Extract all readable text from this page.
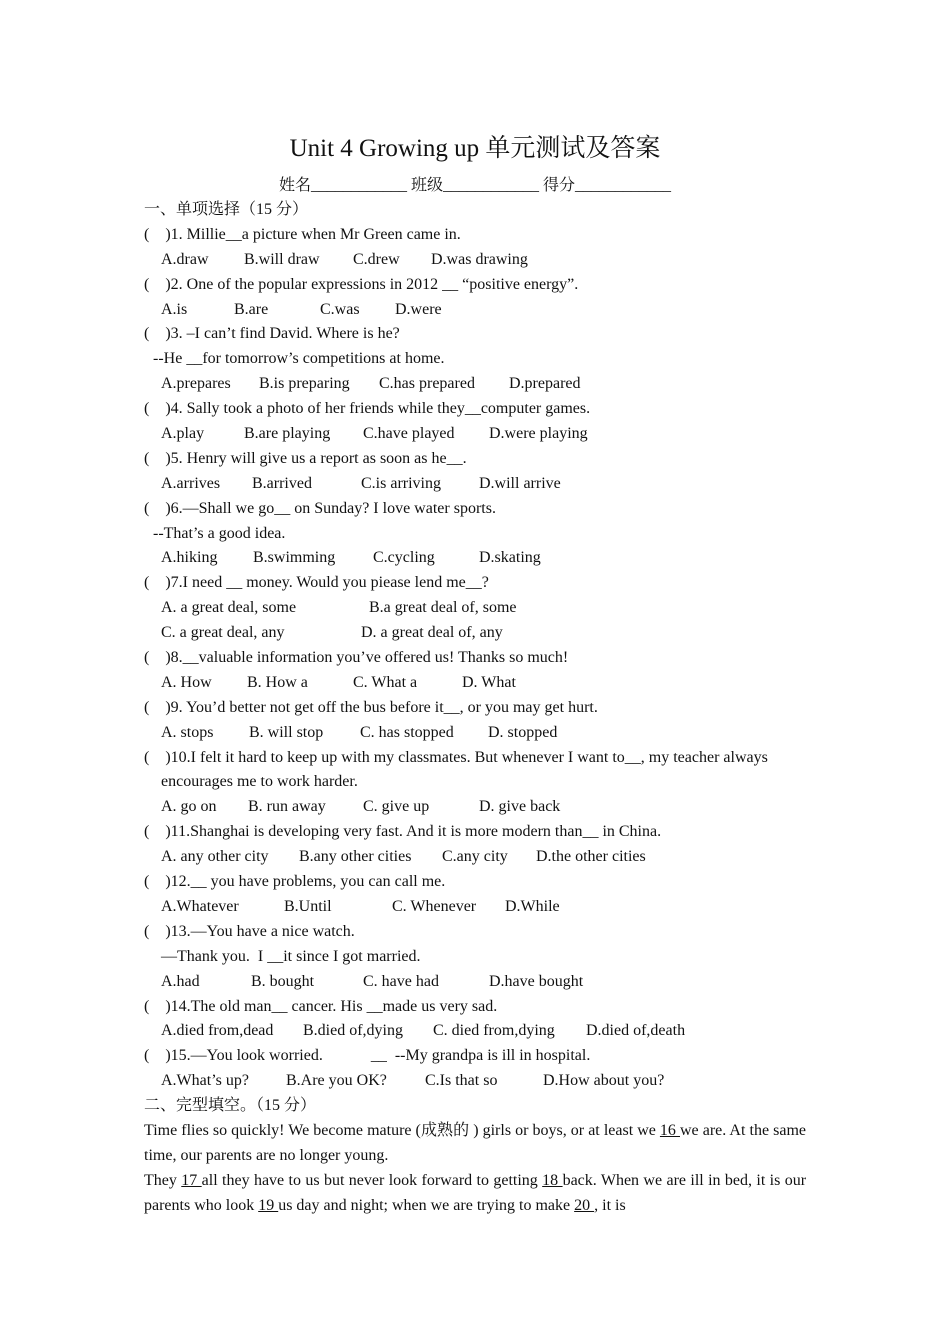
Unit 4 Growing up 单元测试及答案
姓名____________ 班级____________ 得分____________
一、单项选择（15 分）
(    )1. Millie__a picture when Mr Green came in.
A.draw B.will draw C.drew D.was drawing
(    )2. One of the popular expressions in 2012 __ “positive energy”.
A.is	B.are	C.was D.were
(    )3. –I can’t find David. Where is he?
--He __for tomorrow’s competitions at home.
A.prepares B.is preparing C.has prepared D.prepared
(    )4. Sally took a photo of her friends while they__computer games.
A.play B.are playing C.have played D.were playing
(    )5. Henry will give us a report as soon as he__.
A.arrives B.arrived	C.is arriving D.will arrive
(    )6.—Shall we go__ on Sunday? I love water sports.
--That’s a good idea.
A.hiking B.swimming C.cycling	D.skating
(    )7.I need __ money. Would you piease lend me__?
A. a great deal, some	B.a great deal of, some
C. a great deal, any	D. a great deal of, any
(    )8.__valuable information you’ve offered us! Thanks so much!
A. How B. How a	C. What a	D. What
(    )9. You’d better not get off the bus before it__, or you may get hurt.
A. stops B. will stop C. has stopped D. stopped
(    )10.I felt it hard to keep up with my classmates. But whenever I want to__, my teacher always
encourages me to work harder.
A. go on B. run away C. give up	D. give back
(    )11.Shanghai is developing very fast. And it is more modern than__ in China.
A. any other city B.any other cities C.any city D.the other cities
(    )12.__ you have problems, you can call me.
A.Whatever	B.Until	C. Whenever D.While
(    )13.—You have a nice watch.
—Thank you.  I __it since I got married.
A.had	B. bought	C. have had	D.have bought
(    )14.The old man__ cancer. His __made us very sad.
A.died from,dead B.died of,dying C. died from,dying D.died of,death
(    )15.—You look worried.            __  --My grandpa is ill in hospital.
A.What’s up? B.Are you OK? C.Is that so	D.How about you?
二、完型填空。（15 分）
Time flies so quickly! We become mature (成熟的 ) girls or boys, or at least we 16 we are. At the same time, our parents are no longer young.
They 17 all they have to us but never look forward to getting 18 back. When we are ill in bed, it is our parents who look 19 us day and night; when we are trying to make 20 , it is
